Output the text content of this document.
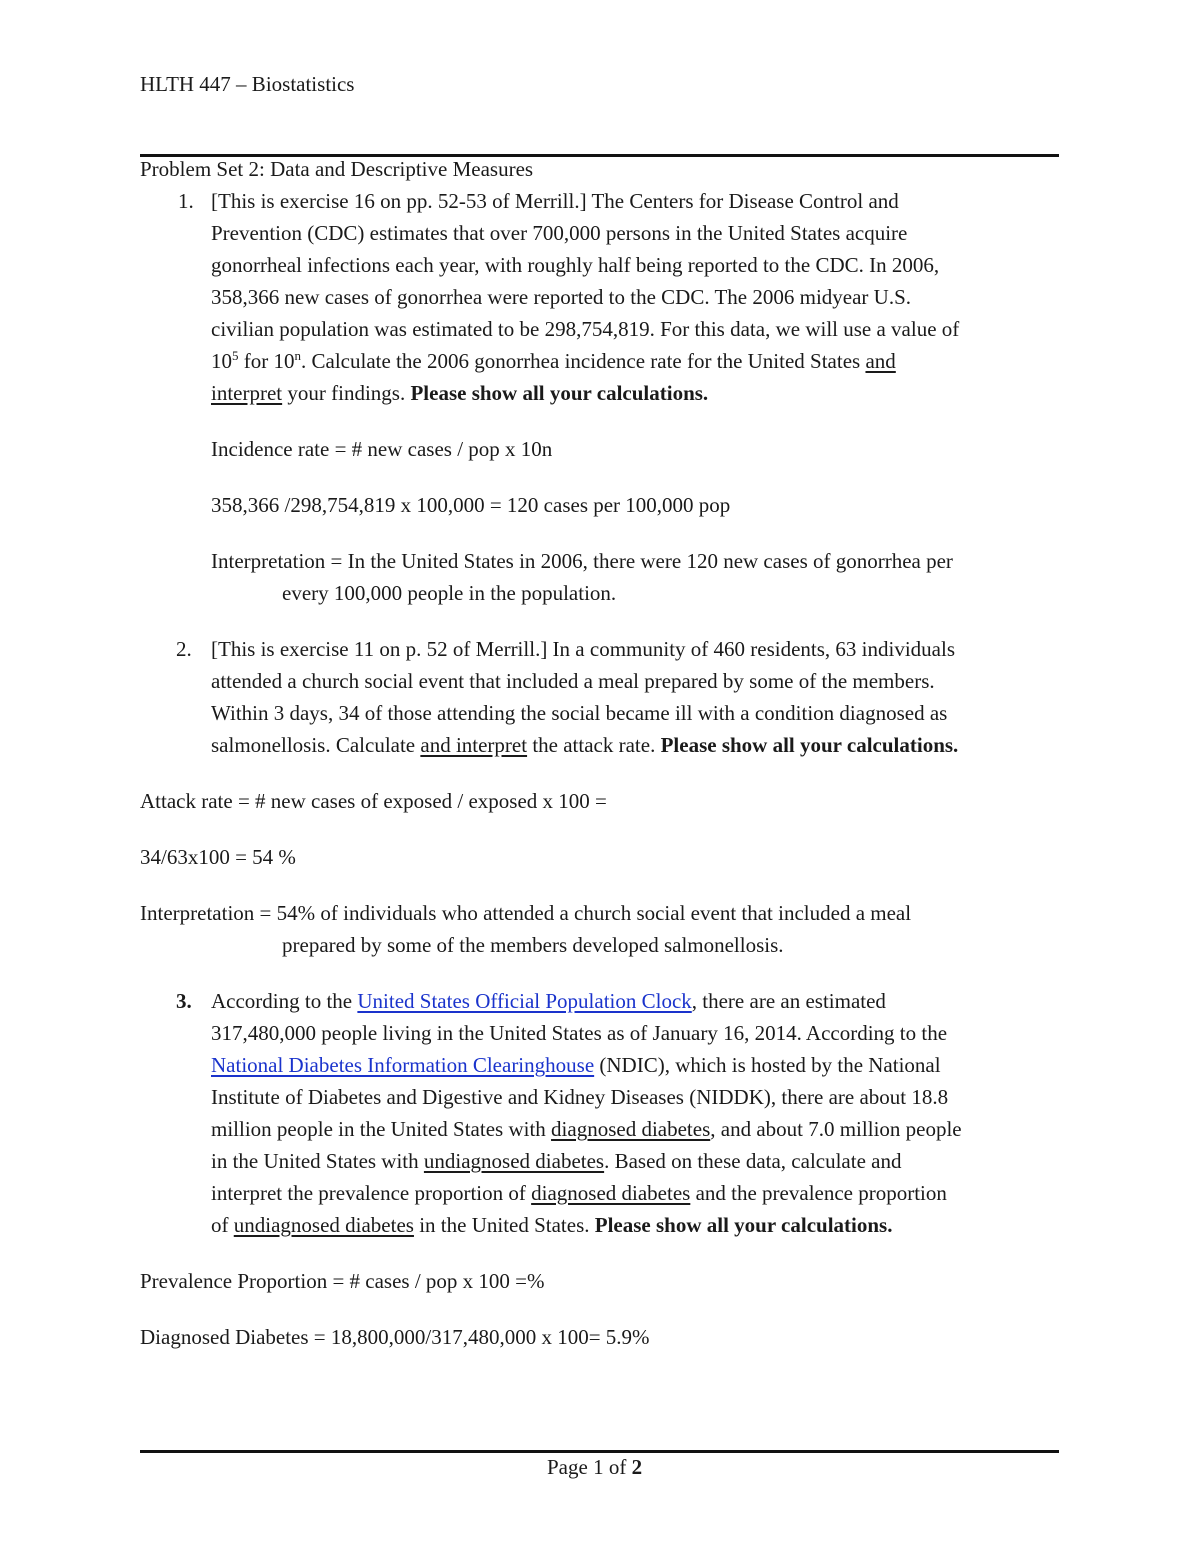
HLTH 447 – Biostatistics
Problem Set 2: Data and Descriptive Measures
1. [This is exercise 16 on pp. 52-53 of Merrill.] The Centers for Disease Control and
Prevention (CDC) estimates that over 700,000 persons in the United States acquire
gonorrheal infections each year, with roughly half being reported to the CDC. In 2006,
358,366 new cases of gonorrhea were reported to the CDC. The 2006 midyear U.S.
civilian population was estimated to be 298,754,819. For this data, we will use a value of
$10^5$ for 10$^n$. Calculate the 2006 gonorrhea incidence rate for the United States and
interpret your findings. Please show all your calculations.
Incidence rate = # new cases / pop x 10n
358,366 /298,754,819 x 100,000 = 120 cases per 100,000 pop
Interpretation = In the United States in 2006, there were 120 new cases of gonorrhea per
every 100,000 people in the population.
2. [This is exercise 11 on p. 52 of Merrill.] In a community of 460 residents, 63 individuals
attended a church social event that included a meal prepared by some of the members.
Within 3 days, 34 of those attending the social became ill with a condition diagnosed as
salmonellosis. Calculate and interpret the attack rate. Please show all your calculations.
Attack rate = # new cases of exposed / exposed x 100 =
34/63x100 = 54 %
Interpretation = 54% of individuals who attended a church social event that included a meal
prepared by some of the members developed salmonellosis.
3. According to the United States Official Population Clock, there are an estimated
317,480,000 people living in the United States as of January 16, 2014. According to the
National Diabetes Information Clearinghouse (NDIC), which is hosted by the National
Institute of Diabetes and Digestive and Kidney Diseases (NIDDK), there are about 18.8
million people in the United States with diagnosed diabetes, and about 7.0 million people
in the United States with undiagnosed diabetes. Based on these data, calculate and
interpret the prevalence proportion of diagnosed diabetes and the prevalence proportion
of undiagnosed diabetes in the United States. Please show all your calculations.
Prevalence Proportion = # cases / pop x 100 =%
Diagnosed Diabetes = 18,800,000/317,480,000 x 100= 5.9%
Page 1 of 2
